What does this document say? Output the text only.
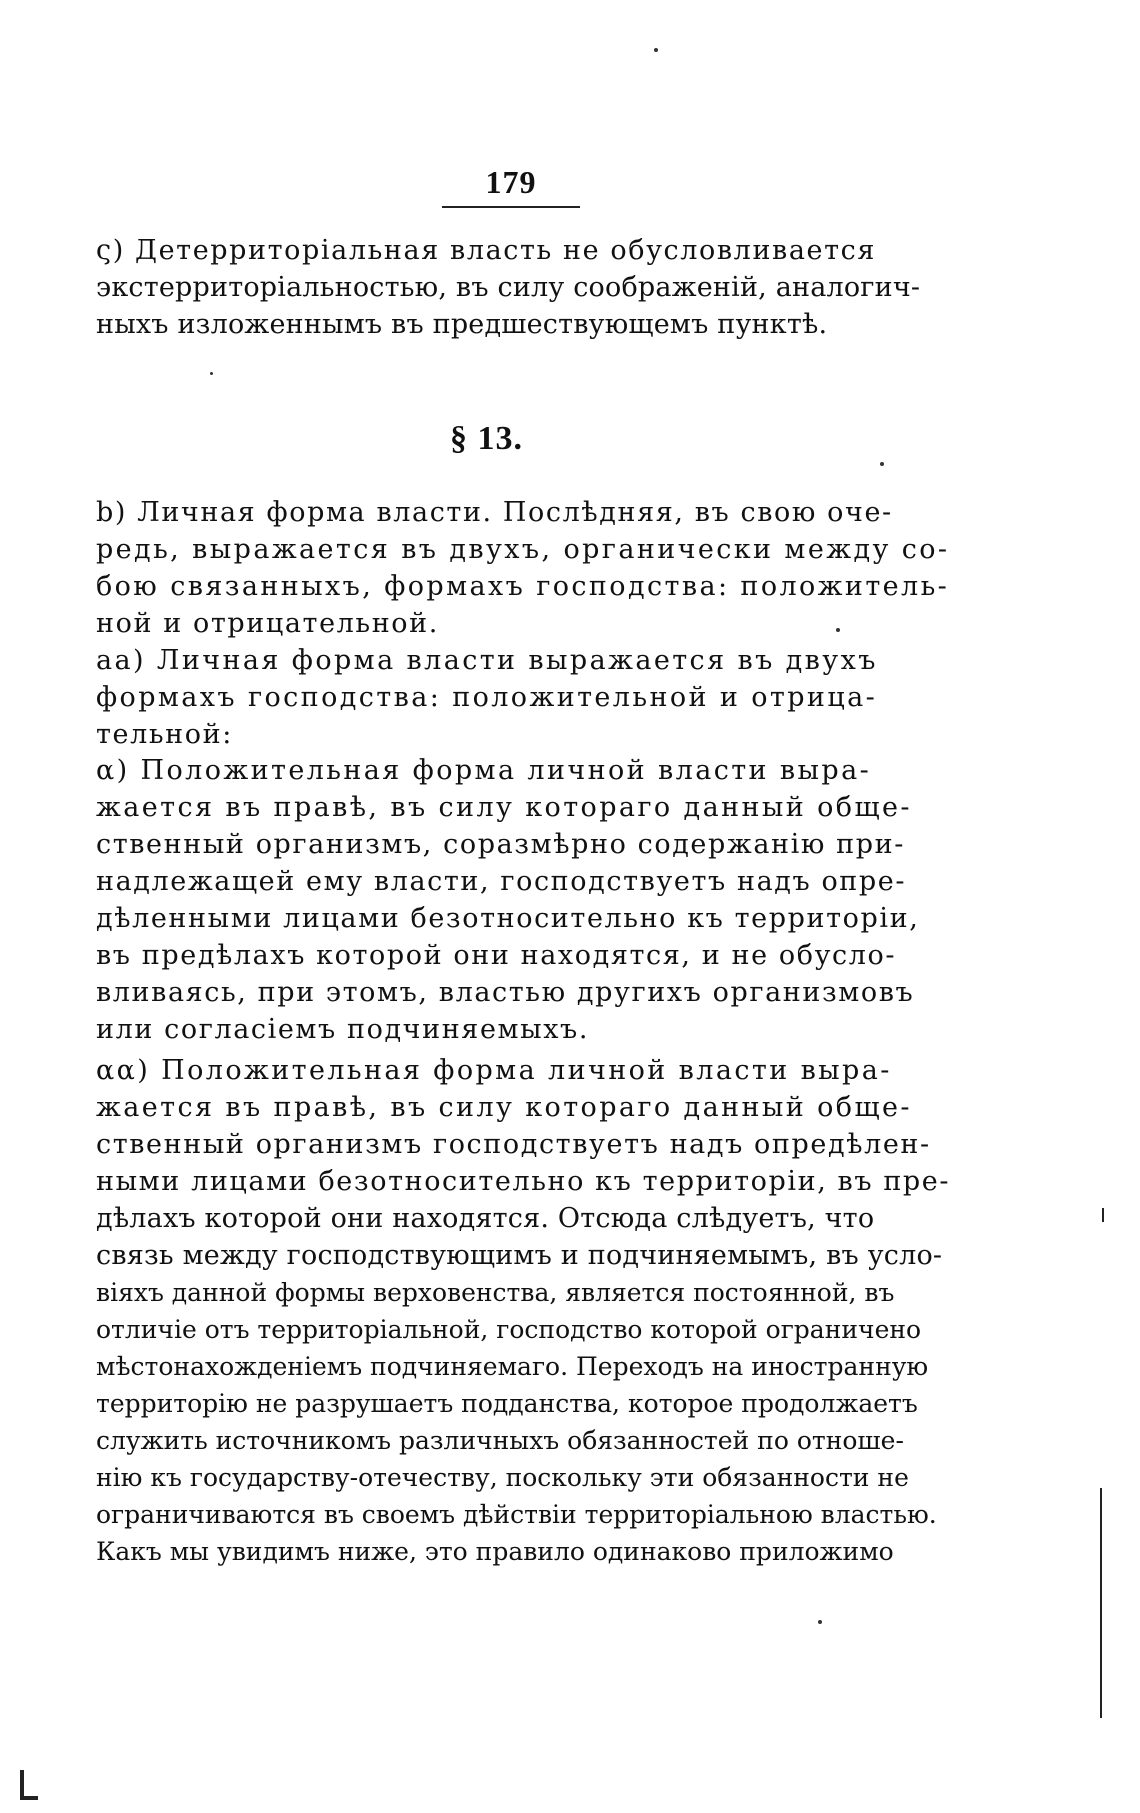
179
ς) Детерриторiальная власть не обусловливается
экстерриторiальностью, въ силу соображенiй, аналогич-
ныхъ изложеннымъ въ предшествующемъ пунктѣ.
§ 13.
b) Личная форма власти. Послѣдняя, въ свою оче-
редь, выражается въ двухъ, органически между со-
бою связанныхъ, формахъ господства: положитель-
ной и отрицательной.
аа) Личная форма власти выражается въ двухъ
формахъ господства: положительной и отрица-
тельной:
α) Положительная форма личной власти выра-
жается въ правѣ, въ силу котораго данный обще-
ственный организмъ, соразмѣрно содержанiю при-
надлежащей ему власти, господствуетъ надъ опре-
дѣленными лицами безотносительно къ территорiи,
въ предѣлахъ которой они находятся, и не обусло-
вливаясь, при этомъ, властью другихъ организмовъ
или согласiемъ подчиняемыхъ.
αα) Положительная форма личной власти выра-
жается въ правѣ, въ силу котораго данный обще-
ственный организмъ господствуетъ надъ опредѣлен-
ными лицами безотносительно къ территорiи, въ пре-
дѣлахъ которой они находятся. Отсюда слѣдуетъ, что
связь между господствующимъ и подчиняемымъ, въ усло-
вiяхъ данной формы верховенства, является постоянной, въ
отличiе отъ территорiальной, господство которой ограничено
мѣстонахожденiемъ подчиняемаго. Переходъ на иностранную
территорiю не разрушаетъ подданства, которое продолжаетъ
служить источникомъ различныхъ обязанностей по отноше-
нiю къ государству-отечеству, поскольку эти обязанности не
ограничиваются въ своемъ дѣйствiи территорiальною властью.
Какъ мы увидимъ ниже, это правило одинаково приложимо
